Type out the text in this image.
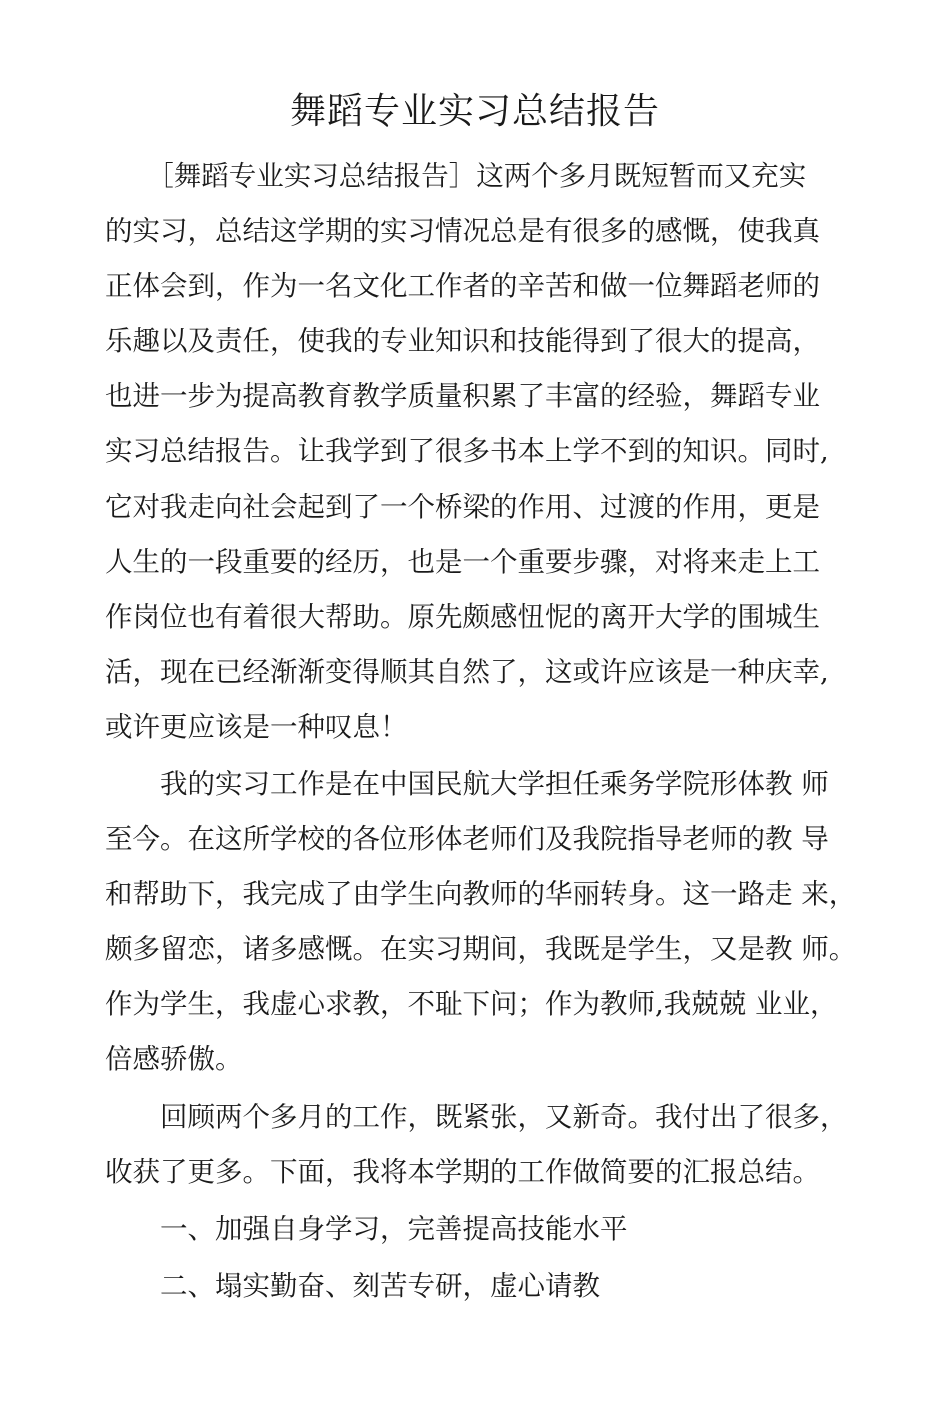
舞蹈专业实习总结报告

　　［舞蹈专业实习总结报告］这两个多月既短暂而又充实

的实习，总结这学期的实习情况总是有很多的感慨，使我真

正体会到，作为一名文化工作者的辛苦和做一位舞蹈老师的

乐趣以及责任，使我的专业知识和技能得到了很大的提高，

也进一步为提高教育教学质量积累了丰富的经验，舞蹈专业

实习总结报告。让我学到了很多书本上学不到的知识。同时,

它对我走向社会起到了一个桥梁的作用、过渡的作用，更是

人生的一段重要的经历，也是一个重要步骤，对将来走上工

作岗位也有着很大帮助。原先颇感忸怩的离开大学的围城生

活，现在已经渐渐变得顺其自然了，这或许应该是一种庆幸,

或许更应该是一种叹息！

　　我的实习工作是在中国民航大学担任乘务学院形体教 师

至今。在这所学校的各位形体老师们及我院指导老师的教 导

和帮助下，我完成了由学生向教师的华丽转身。这一路走 来，

颇多留恋，诸多感慨。在实习期间，我既是学生，又是教 师。

作为学生，我虚心求教，不耻下问；作为教师,我兢兢 业业，

倍感骄傲。

　　回顾两个多月的工作，既紧张，又新奇。我付出了很多，

收获了更多。下面，我将本学期的工作做简要的汇报总结。

　　一、加强自身学习，完善提高技能水平

　　二、塌实勤奋、刻苦专研，虚心请教
